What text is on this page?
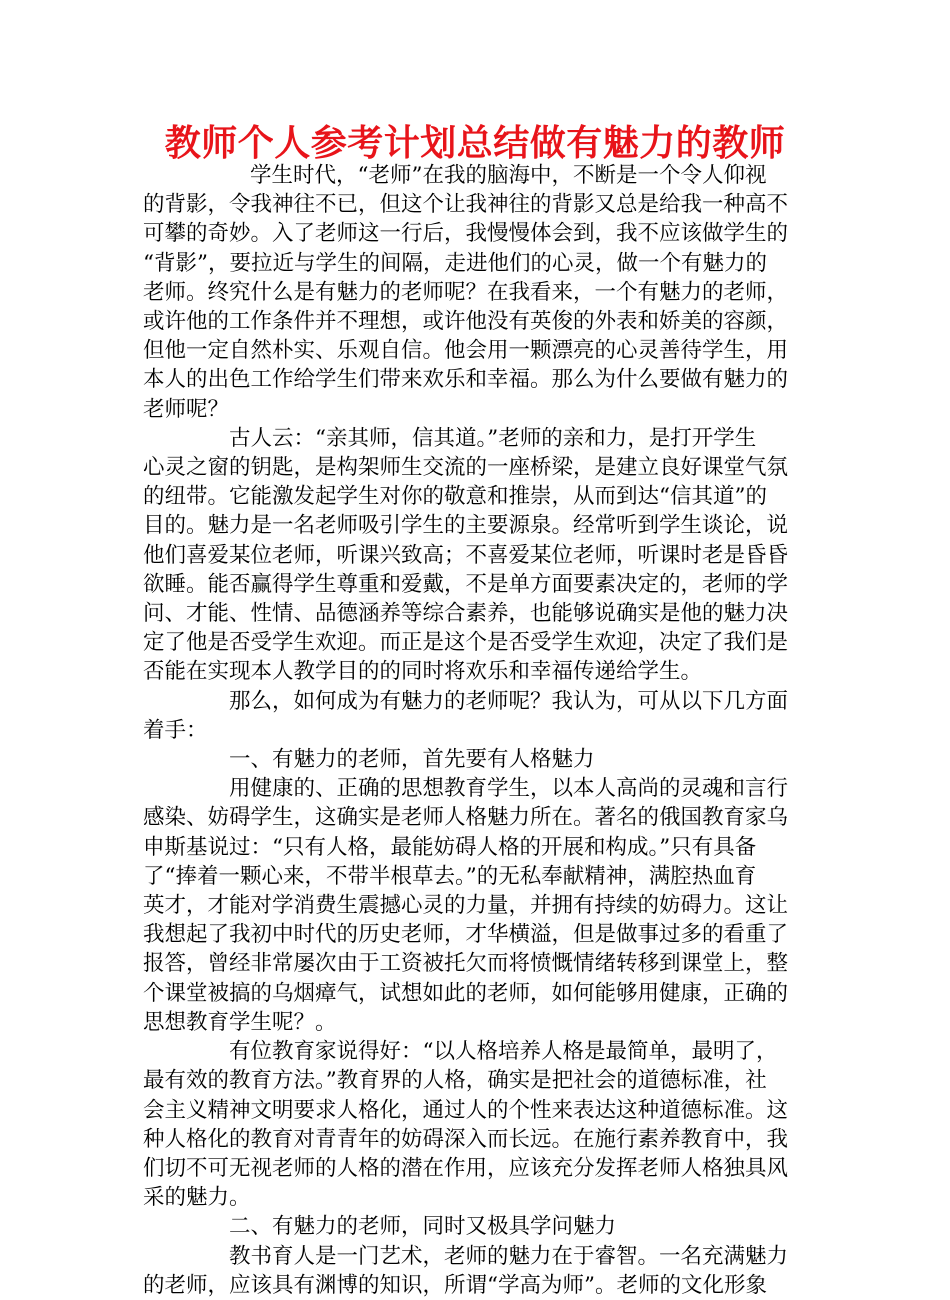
教师个人参考计划总结做有魅力的教师
学生时代，“老师”在我的脑海中，不断是一个令人仰视
的背影，令我神往不已，但这个让我神往的背影又总是给我一种高不
可攀的奇妙。入了老师这一行后，我慢慢体会到，我不应该做学生的
“背影”，要拉近与学生的间隔，走进他们的心灵，做一个有魅力的
老师。终究什么是有魅力的老师呢？在我看来，一个有魅力的老师，
或许他的工作条件并不理想，或许他没有英俊的外表和娇美的容颜，
但他一定自然朴实、乐观自信。他会用一颗漂亮的心灵善待学生，用
本人的出色工作给学生们带来欢乐和幸福。那么为什么要做有魅力的
老师呢？
古人云：“亲其师，信其道。”老师的亲和力，是打开学生
心灵之窗的钥匙，是构架师生交流的一座桥梁，是建立良好课堂气氛
的纽带。它能激发起学生对你的敬意和推崇，从而到达“信其道”的
目的。魅力是一名老师吸引学生的主要源泉。经常听到学生谈论，说
他们喜爱某位老师，听课兴致高；不喜爱某位老师，听课时老是昏昏
欲睡。能否赢得学生尊重和爱戴，不是单方面要素决定的，老师的学
问、才能、性情、品德涵养等综合素养，也能够说确实是他的魅力决
定了他是否受学生欢迎。而正是这个是否受学生欢迎，决定了我们是
否能在实现本人教学目的的同时将欢乐和幸福传递给学生。
那么，如何成为有魅力的老师呢？我认为，可从以下几方面
着手：
一、有魅力的老师，首先要有人格魅力
用健康的、正确的思想教育学生，以本人高尚的灵魂和言行
感染、妨碍学生，这确实是老师人格魅力所在。著名的俄国教育家乌
申斯基说过：“只有人格，最能妨碍人格的开展和构成。”只有具备
了“捧着一颗心来，不带半根草去。”的无私奉献精神，满腔热血育
英才，才能对学消费生震撼心灵的力量，并拥有持续的妨碍力。这让
我想起了我初中时代的历史老师，才华横溢，但是做事过多的看重了
报答，曾经非常屡次由于工资被托欠而将愤慨情绪转移到课堂上，整
个课堂被搞的乌烟瘴气，试想如此的老师，如何能够用健康，正确的
思想教育学生呢？。
有位教育家说得好：“以人格培养人格是最简单，最明了，
最有效的教育方法。”教育界的人格，确实是把社会的道德标准，社
会主义精神文明要求人格化，通过人的个性来表达这种道德标准。这
种人格化的教育对青青年的妨碍深入而长远。在施行素养教育中，我
们切不可无视老师的人格的潜在作用，应该充分发挥老师人格独具风
采的魅力。
二、有魅力的老师，同时又极具学问魅力
教书育人是一门艺术，老师的魅力在于睿智。一名充满魅力
的老师，应该具有渊博的知识，所谓“学高为师”。老师的文化形象
